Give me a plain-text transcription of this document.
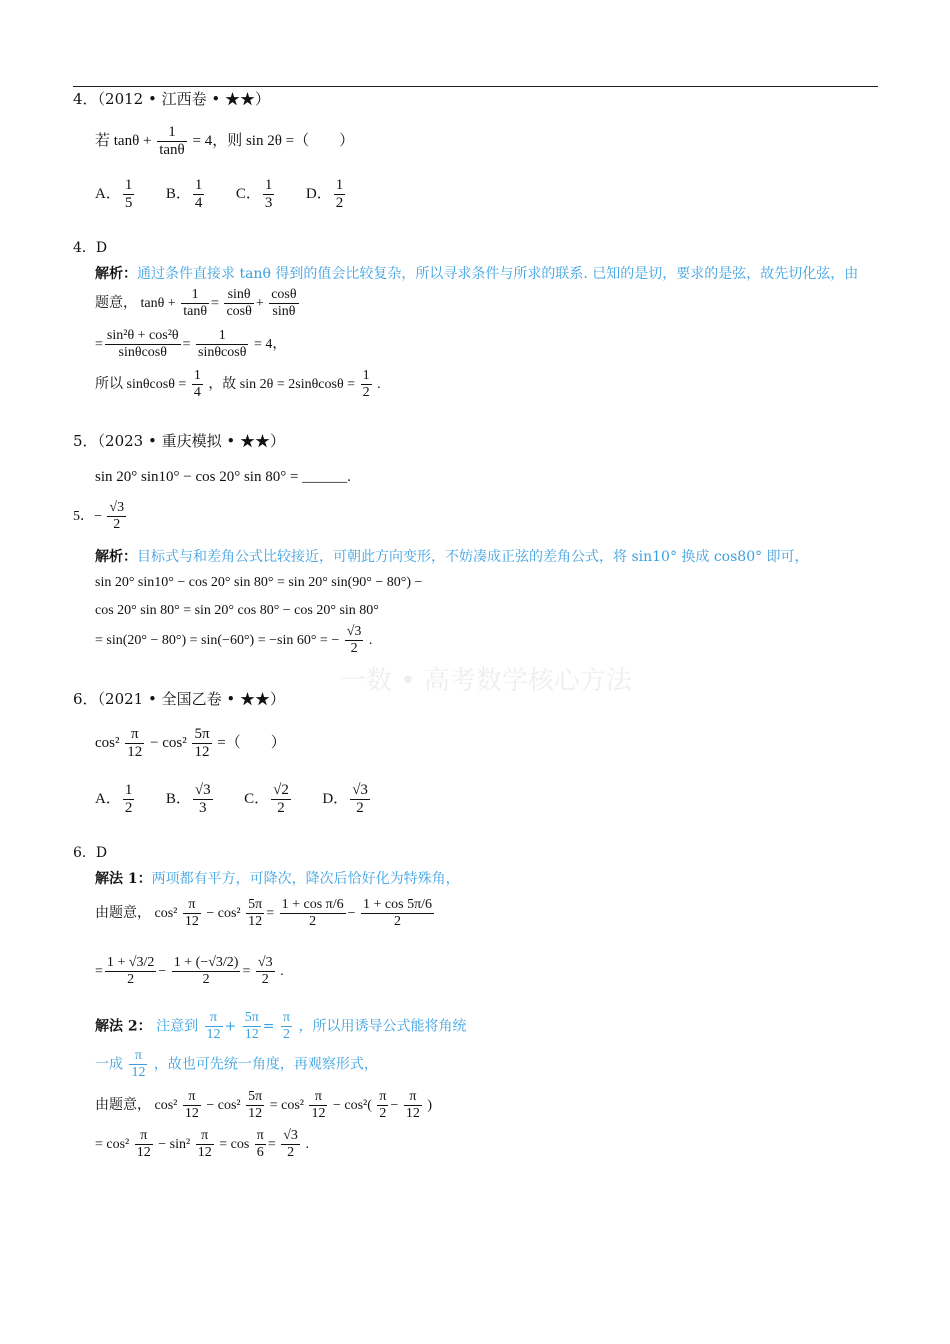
4．（2012 • 江西卷 • ★★）
若 $\tan\theta + \frac{1}{\tan\theta} = 4$，则 sin 2θ =（　　）
A． $\frac{1}{5}$ B． $\frac{1}{4}$ C． $\frac{1}{3}$ D． $\frac{1}{2}$
4．D
解析：通过条件直接求 tanθ 得到的值会比较复杂，所以寻求条件与所求的联系. 已知的是切，要求的是弦，故先切化弦，由
题意， $\tan\theta + \frac{1}{\tan\theta} = \frac{\sin\theta}{\cos\theta} + \frac{\cos\theta}{\sin\theta}$
= $\frac{\text{sin²θ + cos²θ}}{\sin\theta\cos\theta} = \frac{1}{\sin\theta\cos\theta} = 4$，
所以 $\sin\theta\cos\theta = \frac{1}{4}$ ，故 $\sin 2\theta = 2\sin\theta\cos\theta = \frac{1}{2}$ .
5．（2023 • 重庆模拟 • ★★）
sin 20° sin10° − cos 20° sin 80° = ______.
5．− $\frac{√3}{2}$
解析：目标式与和差角公式比较接近，可朝此方向变形，不妨凑成正弦的差角公式，将 sin10° 换成 cos80° 即可，
sin 20° sin10° − cos 20° sin 80° = sin 20° sin(90° − 80°) −
cos 20° sin 80° = sin 20° cos 80° − cos 20° sin 80°
= sin(20° − 80°) = sin(−60°) = −sin 60° = − $\frac{√3}{2}$ .
一数 • 高考数学核心方法
6．（2021 • 全国乙卷 • ★★）
$\cos^2 \frac{\pi}{12} - \cos^2 \frac{5\pi}{12}$ =（　　）
A． $\frac{1}{2}$ B． $\frac{√3}{3}$ C． $\frac{√2}{2}$ D． $\frac{√3}{2}$
6．D
解法 1：两项都有平方，可降次，降次后恰好化为特殊角，
由题意， $\cos^2 \frac{\pi}{12} - \cos^2 \frac{5\pi}{12} = \frac{\text{1 + cos π/6}}{2} - \frac{1 + \cos 5\pi/6}{2}$
= $\frac{1 + √3/2}{2} - \frac{1 + (-√3/2)}{2} = \frac{√3}{2}$ .
解法 2： 注意到 $\frac{\pi}{12} + \frac{5\pi}{12} = \frac{\pi}{2}$ ，所以用诱导公式能将角统
一成 $\frac{\pi}{12}$ ，故也可先统一角度，再观察形式，
由题意， $\cos^2 \frac{\pi}{12} - \cos^2 \frac{5\pi}{12} = \cos^2 \frac{\pi}{12} - \cos^2( \frac{\pi}{2} - \frac{\pi}{12}$ )
= $\cos^2 \frac{\pi}{12} - \sin^2 \frac{\pi}{12} = \cos \frac{\pi}{6} = \frac{√3}{2}$ .
